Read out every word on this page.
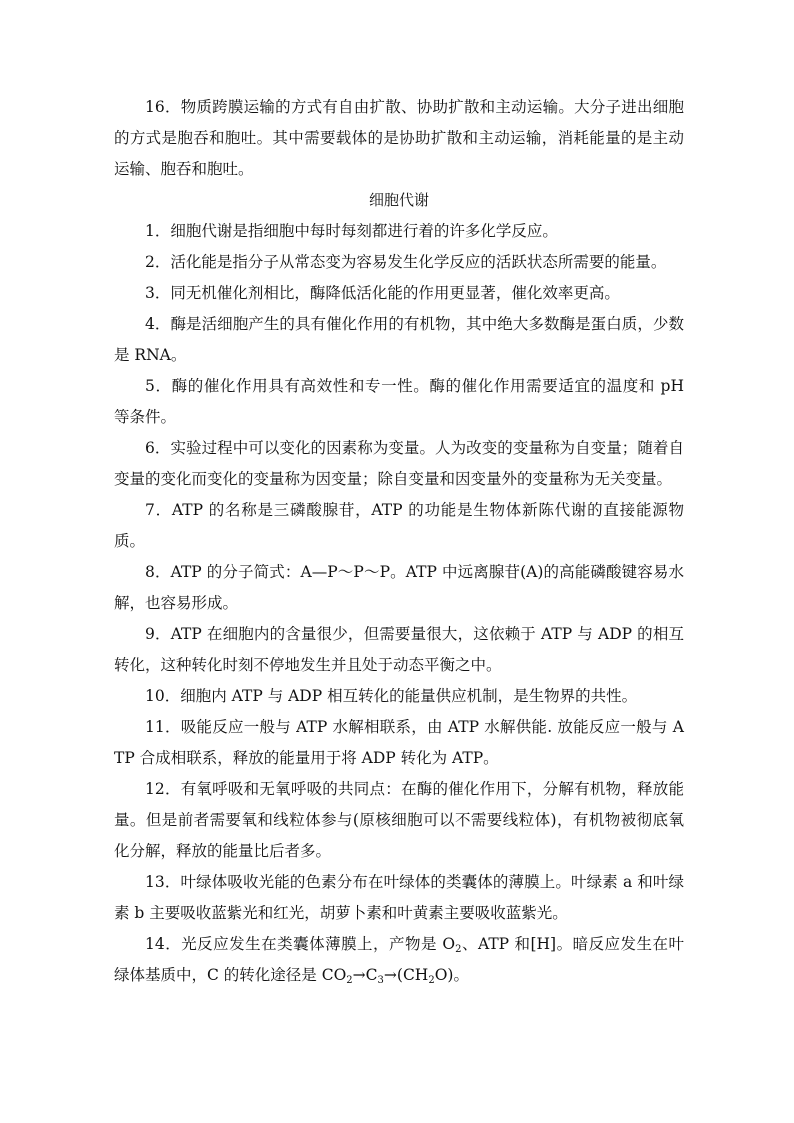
16．物质跨膜运输的方式有自由扩散、协助扩散和主动运输。大分子进出细胞的方式是胞吞和胞吐。其中需要载体的是协助扩散和主动运输，消耗能量的是主动运输、胞吞和胞吐。

细胞代谢

1．细胞代谢是指细胞中每时每刻都进行着的许多化学反应。

2．活化能是指分子从常态变为容易发生化学反应的活跃状态所需要的能量。

3．同无机催化剂相比，酶降低活化能的作用更显著，催化效率更高。

4．酶是活细胞产生的具有催化作用的有机物，其中绝大多数酶是蛋白质，少数是 RNA。

5．酶的催化作用具有高效性和专一性。酶的催化作用需要适宜的温度和 pH 等条件。

6．实验过程中可以变化的因素称为变量。人为改变的变量称为自变量；随着自变量的变化而变化的变量称为因变量；除自变量和因变量外的变量称为无关变量。

7．ATP 的名称是三磷酸腺苷，ATP 的功能是生物体新陈代谢的直接能源物质。

8．ATP 的分子简式：A—P～P～P。ATP 中远离腺苷(A)的高能磷酸键容易水解，也容易形成。

9．ATP 在细胞内的含量很少，但需要量很大，这依赖于 ATP 与 ADP 的相互转化，这种转化时刻不停地发生并且处于动态平衡之中。

10．细胞内 ATP 与 ADP 相互转化的能量供应机制，是生物界的共性。

11．吸能反应一般与 ATP 水解相联系，由 ATP 水解供能. 放能反应一般与 ATP 合成相联系，释放的能量用于将 ADP 转化为 ATP。

12．有氧呼吸和无氧呼吸的共同点：在酶的催化作用下，分解有机物，释放能量。但是前者需要氧和线粒体参与(原核细胞可以不需要线粒体)，有机物被彻底氧化分解，释放的能量比后者多。

13．叶绿体吸收光能的色素分布在叶绿体的类囊体的薄膜上。叶绿素 a 和叶绿素 b 主要吸收蓝紫光和红光，胡萝卜素和叶黄素主要吸收蓝紫光。

14．光反应发生在类囊体薄膜上，产物是 $O_2$、ATP 和[H]。暗反应发生在叶绿体基质中，C 的转化途径是 $CO_2\to C_3\to(CH_2O)$。
